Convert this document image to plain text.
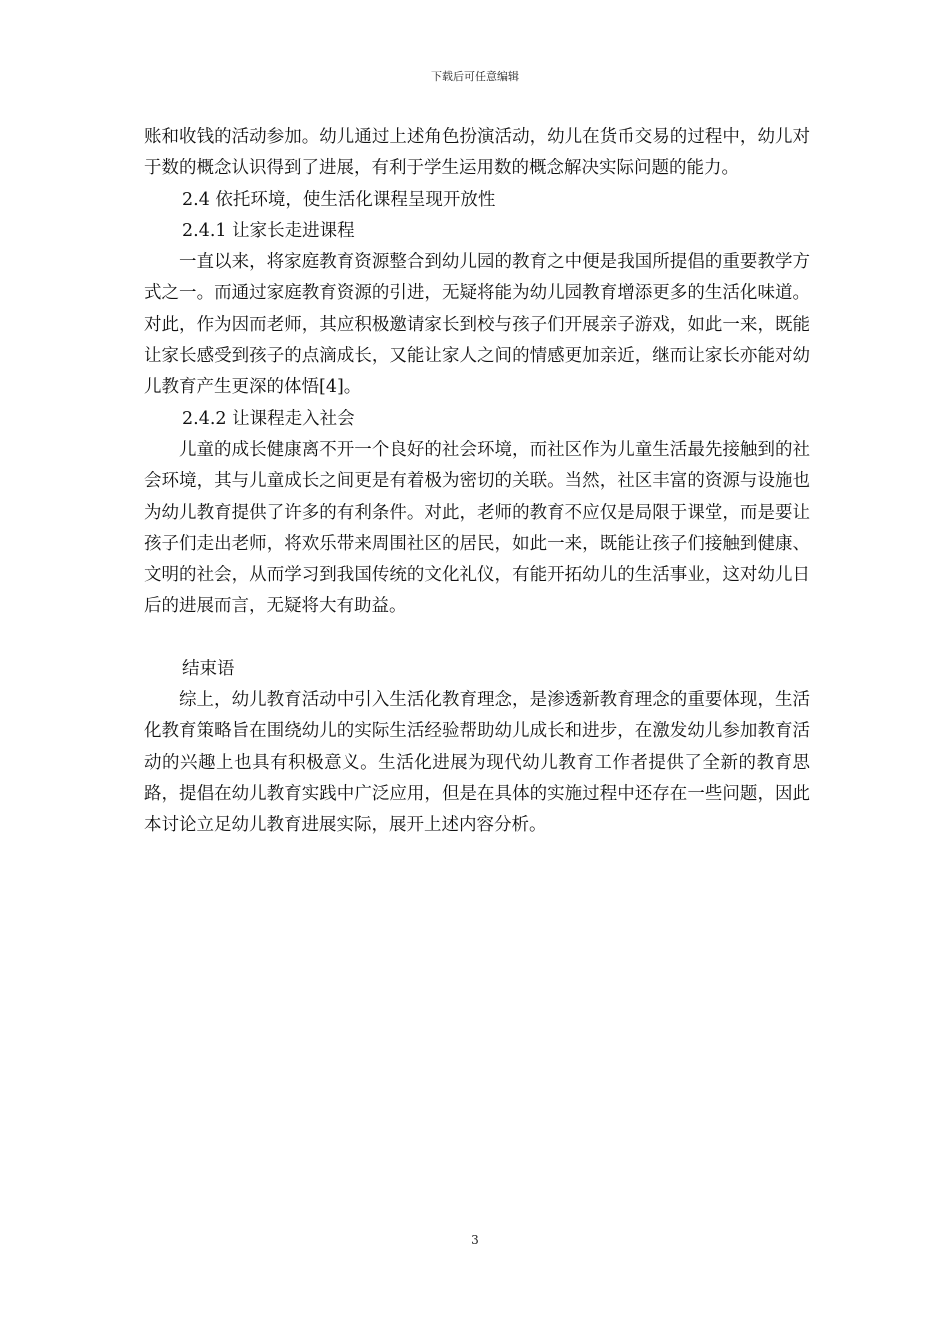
下载后可任意编辑

账和收钱的活动参加。幼儿通过上述角色扮演活动，幼儿在货币交易的过程中，幼儿对于数的概念认识得到了进展，有利于学生运用数的概念解决实际问题的能力。

2.4 依托环境，使生活化课程呈现开放性

2.4.1 让家长走进课程

一直以来，将家庭教育资源整合到幼儿园的教育之中便是我国所提倡的重要教学方式之一。而通过家庭教育资源的引进，无疑将能为幼儿园教育增添更多的生活化味道。对此，作为因而老师，其应积极邀请家长到校与孩子们开展亲子游戏，如此一来，既能让家长感受到孩子的点滴成长，又能让家人之间的情感更加亲近，继而让家长亦能对幼儿教育产生更深的体悟[4]。

2.4.2 让课程走入社会

儿童的成长健康离不开一个良好的社会环境，而社区作为儿童生活最先接触到的社会环境，其与儿童成长之间更是有着极为密切的关联。当然，社区丰富的资源与设施也为幼儿教育提供了许多的有利条件。对此，老师的教育不应仅是局限于课堂，而是要让孩子们走出老师，将欢乐带来周围社区的居民，如此一来，既能让孩子们接触到健康、文明的社会，从而学习到我国传统的文化礼仪，有能开拓幼儿的生活事业，这对幼儿日后的进展而言，无疑将大有助益。

结束语

综上，幼儿教育活动中引入生活化教育理念，是渗透新教育理念的重要体现，生活化教育策略旨在围绕幼儿的实际生活经验帮助幼儿成长和进步，在激发幼儿参加教育活动的兴趣上也具有积极意义。生活化进展为现代幼儿教育工作者提供了全新的教育思路，提倡在幼儿教育实践中广泛应用，但是在具体的实施过程中还存在一些问题，因此本讨论立足幼儿教育进展实际，展开上述内容分析。

3
